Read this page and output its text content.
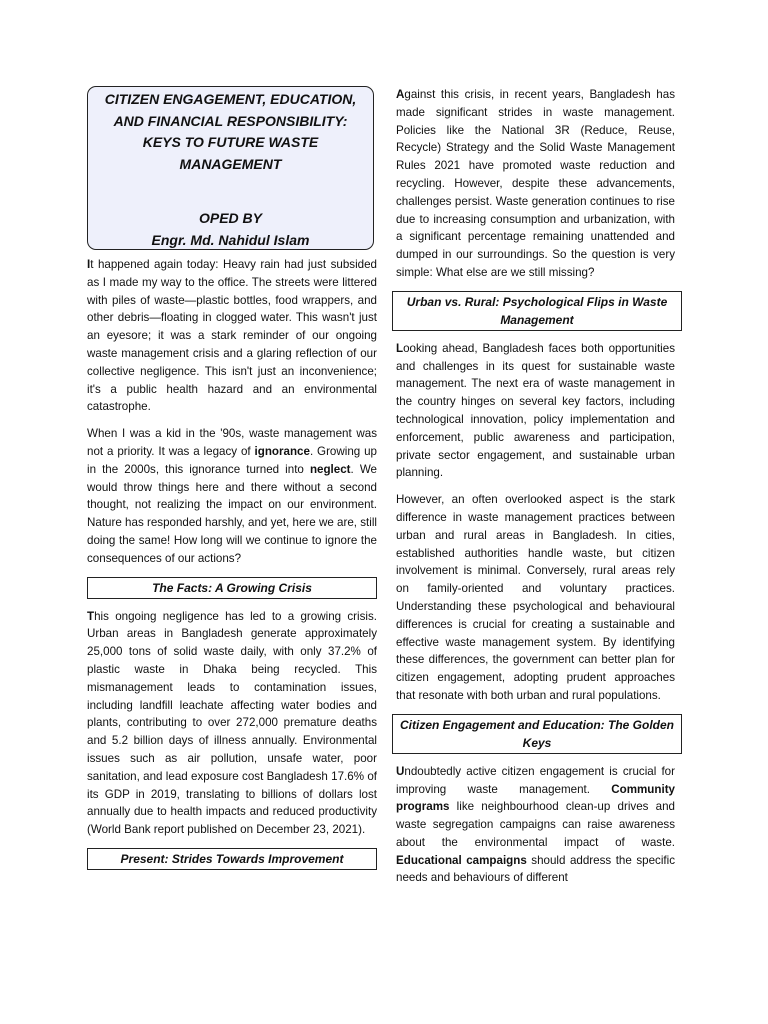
CITIZEN ENGAGEMENT, EDUCATION, AND FINANCIAL RESPONSIBILITY: KEYS TO FUTURE WASTE MANAGEMENT
OPED BY
Engr. Md. Nahidul Islam

It happened again today: Heavy rain had just subsided as I made my way to the office. The streets were littered with piles of waste—plastic bottles, food wrappers, and other debris—floating in clogged water. This wasn't just an eyesore; it was a stark reminder of our ongoing waste management crisis and a glaring reflection of our collective negligence. This isn't just an inconvenience; it's a public health hazard and an environmental catastrophe.

When I was a kid in the '90s, waste management was not a priority. It was a legacy of ignorance. Growing up in the 2000s, this ignorance turned into neglect. We would throw things here and there without a second thought, not realizing the impact on our environment. Nature has responded harshly, and yet, here we are, still doing the same! How long will we continue to ignore the consequences of our actions?

The Facts: A Growing Crisis

This ongoing negligence has led to a growing crisis. Urban areas in Bangladesh generate approximately 25,000 tons of solid waste daily, with only 37.2% of plastic waste in Dhaka being recycled. This mismanagement leads to contamination issues, including landfill leachate affecting water bodies and plants, contributing to over 272,000 premature deaths and 5.2 billion days of illness annually. Environmental issues such as air pollution, unsafe water, poor sanitation, and lead exposure cost Bangladesh 17.6% of its GDP in 2019, translating to billions of dollars lost annually due to health impacts and reduced productivity (World Bank report published on December 23, 2021).

Present: Strides Towards Improvement

Against this crisis, in recent years, Bangladesh has made significant strides in waste management. Policies like the National 3R (Reduce, Reuse, Recycle) Strategy and the Solid Waste Management Rules 2021 have promoted waste reduction and recycling. However, despite these advancements, challenges persist. Waste generation continues to rise due to increasing consumption and urbanization, with a significant percentage remaining unattended and dumped in our surroundings. So the question is very simple: What else are we still missing?

Urban vs. Rural: Psychological Flips in Waste Management

Looking ahead, Bangladesh faces both opportunities and challenges in its quest for sustainable waste management. The next era of waste management in the country hinges on several key factors, including technological innovation, policy implementation and enforcement, public awareness and participation, private sector engagement, and sustainable urban planning.

However, an often overlooked aspect is the stark difference in waste management practices between urban and rural areas in Bangladesh. In cities, established authorities handle waste, but citizen involvement is minimal. Conversely, rural areas rely on family-oriented and voluntary practices. Understanding these psychological and behavioural differences is crucial for creating a sustainable and effective waste management system. By identifying these differences, the government can better plan for citizen engagement, adopting prudent approaches that resonate with both urban and rural populations.

Citizen Engagement and Education: The Golden Keys

Undoubtedly active citizen engagement is crucial for improving waste management. Community programs like neighbourhood clean-up drives and waste segregation campaigns can raise awareness about the environmental impact of waste. Educational campaigns should address the specific needs and behaviours of different
